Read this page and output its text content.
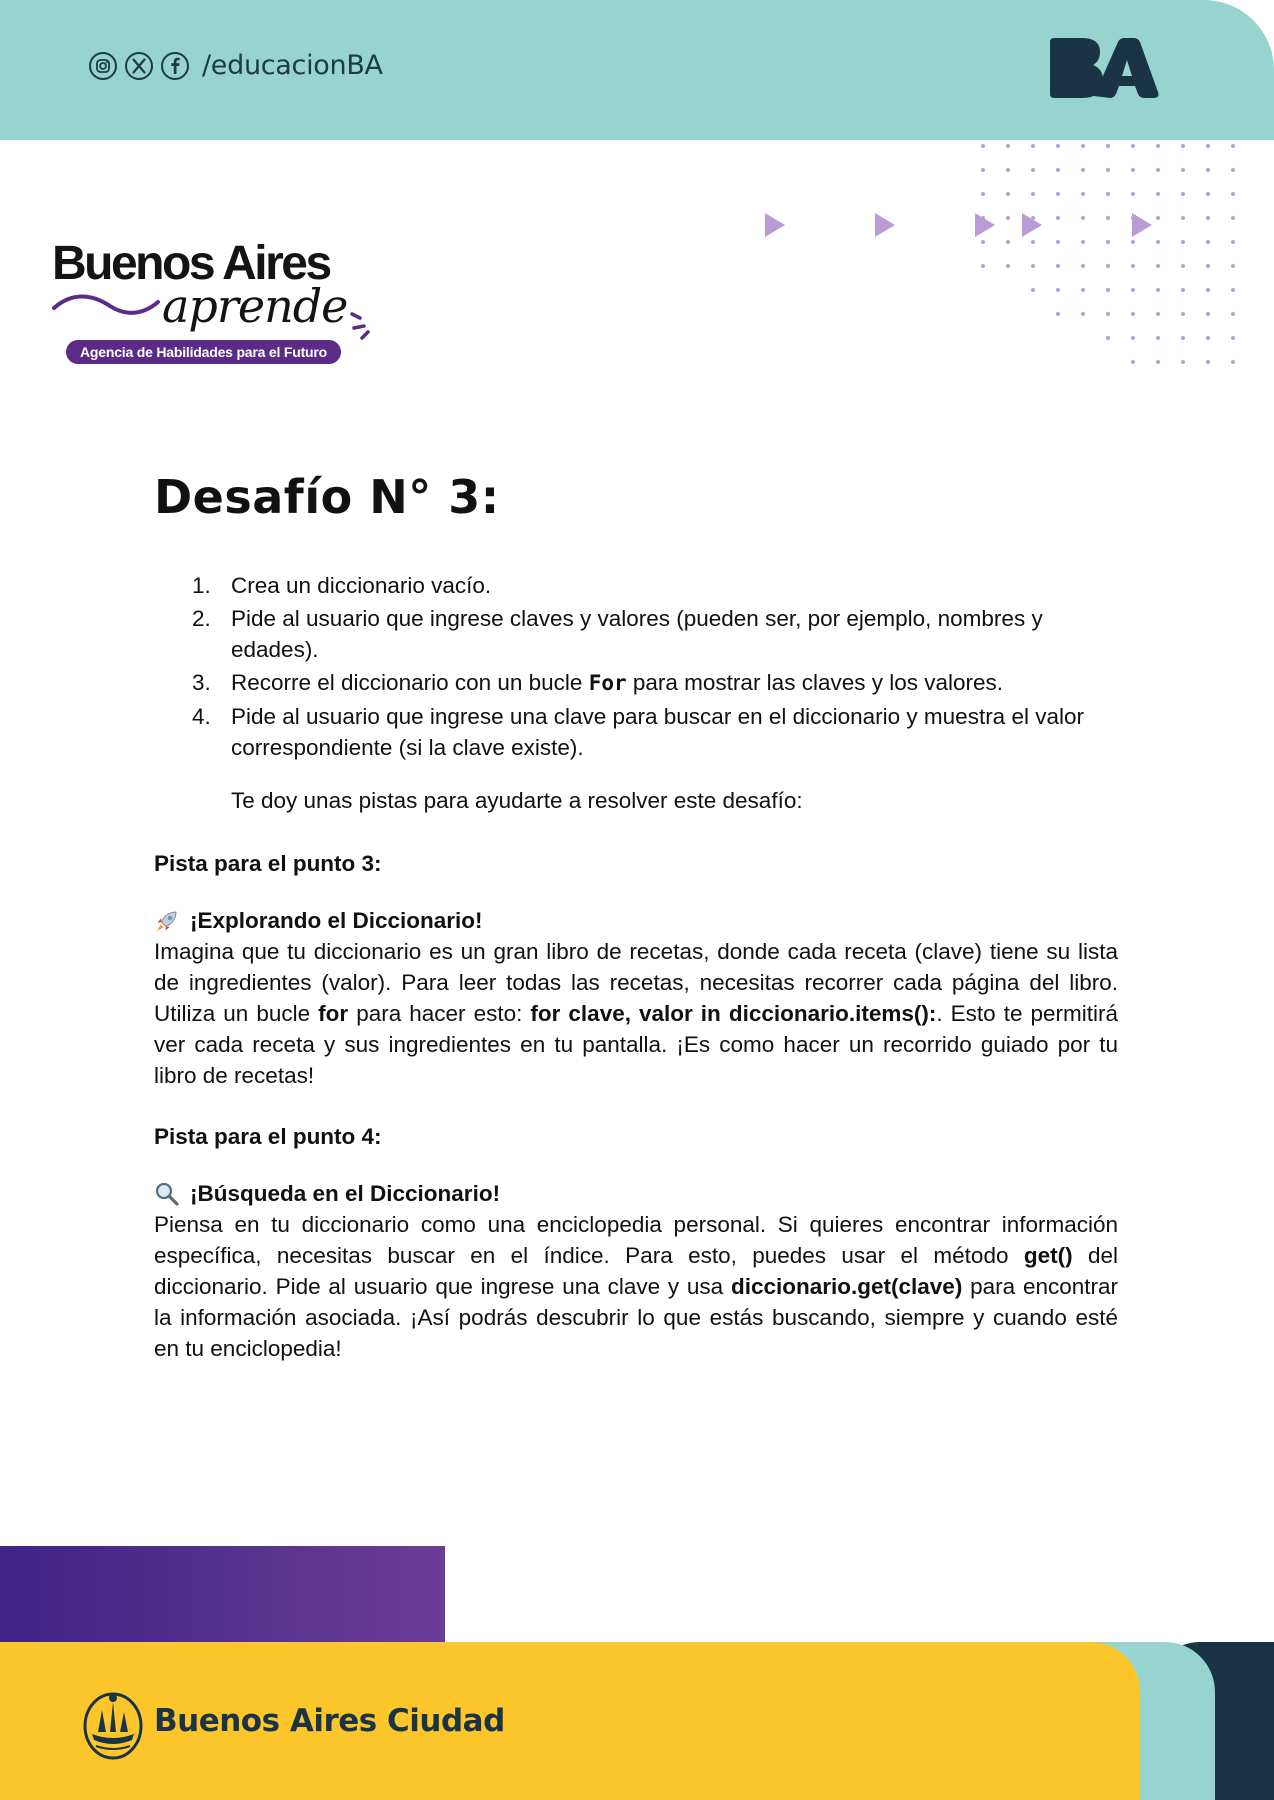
/educacionBA
Buenos Aires
aprende
Agencia de Habilidades para el Futuro
Desafío N° 3:
1. Crea un diccionario vacío.
2. Pide al usuario que ingrese claves y valores (pueden ser, por ejemplo, nombres y edades).
3. Recorre el diccionario con un bucle For para mostrar las claves y los valores.
4. Pide al usuario que ingrese una clave para buscar en el diccionario y muestra el valor correspondiente (si la clave existe).

Te doy unas pistas para ayudarte a resolver este desafío:

Pista para el punto 3:

¡Explorando el Diccionario!

Imagina que tu diccionario es un gran libro de recetas, donde cada receta (clave) tiene su lista de ingredientes (valor). Para leer todas las recetas, necesitas recorrer cada página del libro. Utiliza un bucle for para hacer esto: for clave, valor in diccionario.items():. Esto te permitirá ver cada receta y sus ingredientes en tu pantalla. ¡Es como hacer un recorrido guiado por tu libro de recetas!

Pista para el punto 4:

¡Búsqueda en el Diccionario!

Piensa en tu diccionario como una enciclopedia personal. Si quieres encontrar información específica, necesitas buscar en el índice. Para esto, puedes usar el método get() del diccionario. Pide al usuario que ingrese una clave y usa diccionario.get(clave) para encontrar la información asociada. ¡Así podrás descubrir lo que estás buscando, siempre y cuando esté en tu enciclopedia!

Buenos Aires Ciudad
